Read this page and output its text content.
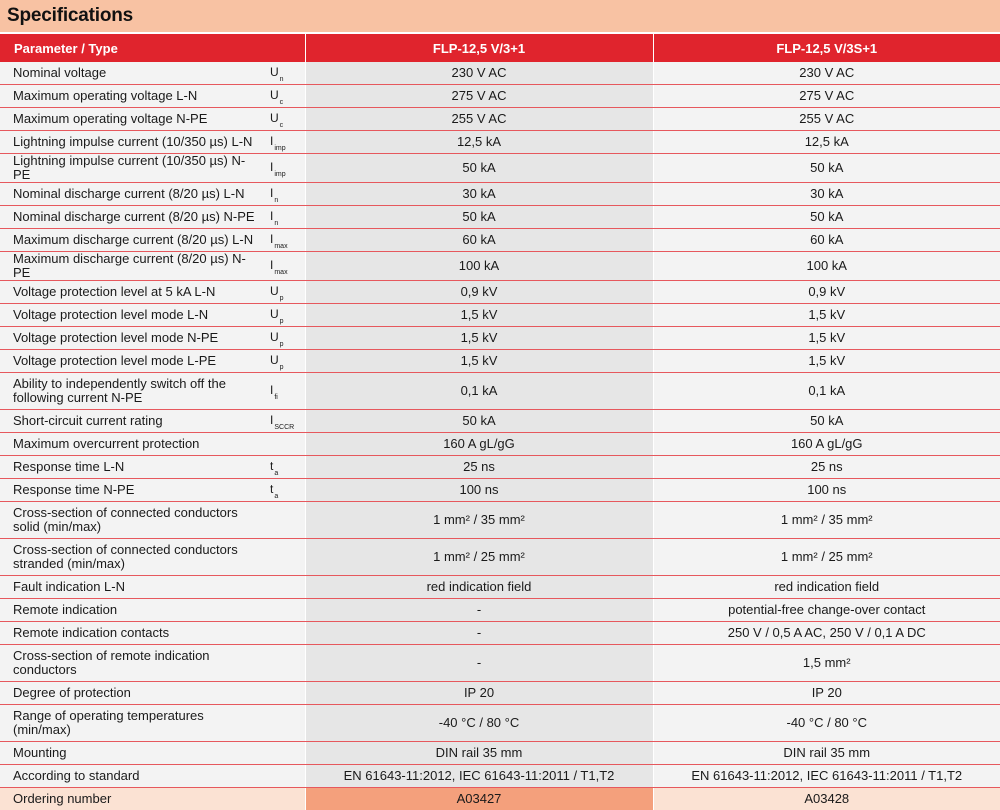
Specifications
Parameter / Type		FLP-12,5 V/3+1	FLP-12,5 V/3S+1
Nominal voltage	$U_n$	230 V AC	230 V AC
Maximum operating voltage L-N	$U_c$	275 V AC	275 V AC
Maximum operating voltage N-PE	$U_c$	255 V AC	255 V AC
Lightning impulse current (10/350 µs) L-N	$I_{imp}$	12,5 kA	12,5 kA
Lightning impulse current (10/350 µs) N-PE	$I_{imp}$	50 kA	50 kA
Nominal discharge current (8/20 µs) L-N	$I_n$	30 kA	30 kA
Nominal discharge current (8/20 µs) N-PE	$I_n$	50 kA	50 kA
Maximum discharge current (8/20 µs) L-N	$I_{max}$	60 kA	60 kA
Maximum discharge current (8/20 µs) N-PE	$I_{max}$	100 kA	100 kA
Voltage protection level at 5 kA L-N	$U_p$	0,9 kV	0,9 kV
Voltage protection level mode L-N	$U_p$	1,5 kV	1,5 kV
Voltage protection level mode N-PE	$U_p$	1,5 kV	1,5 kV
Voltage protection level mode L-PE	$U_p$	1,5 kV	1,5 kV
Ability to independently switch off the following current N-PE	$I_{fi}$	0,1 kA	0,1 kA
Short-circuit current rating	$I_{SCCR}$	50 kA	50 kA
Maximum overcurrent protection		160 A gL/gG	160 A gL/gG
Response time L-N	$t_a$	25 ns	25 ns
Response time N-PE	$t_a$	100 ns	100 ns
Cross-section of connected conductors solid (min/max)		1 mm² / 35 mm²	1 mm² / 35 mm²
Cross-section of connected conductors stranded (min/max)		1 mm² / 25 mm²	1 mm² / 25 mm²
Fault indication L-N		red indication field	red indication field
Remote indication		-	potential-free change-over contact
Remote indication contacts		-	250 V / 0,5 A AC, 250 V / 0,1 A DC
Cross-section of remote indication conductors		-	1,5 mm²
Degree of protection		IP 20	IP 20
Range of operating temperatures (min/max)		-40 °C / 80 °C	-40 °C / 80 °C
Mounting		DIN rail 35 mm	DIN rail 35 mm
According to standard		EN 61643-11:2012, IEC 61643-11:2011 / T1,T2	EN 61643-11:2012, IEC 61643-11:2011 / T1,T2
Ordering number		A03427	A03428
